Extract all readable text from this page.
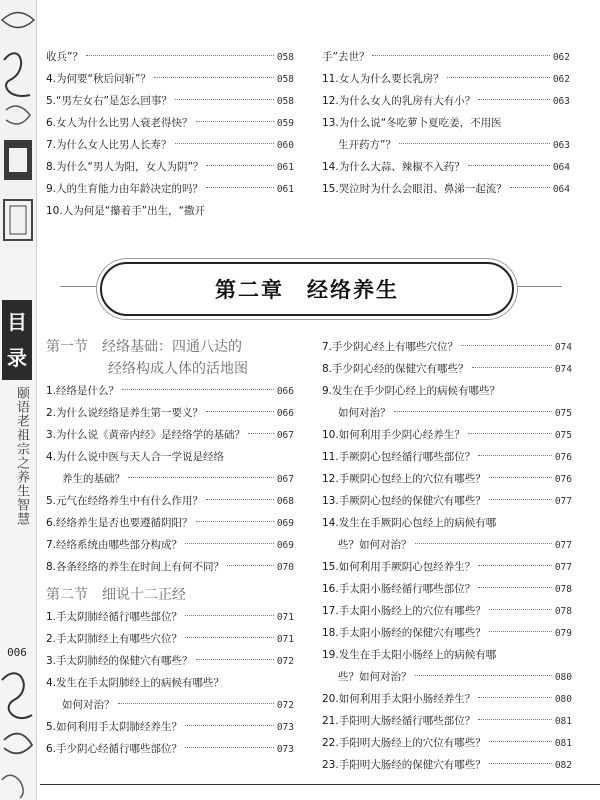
目
录
颐语老祖宗之养生智慧
006
收兵”？	058
4.为何要“秋后问斩”？	058
5.“男左女右”是怎么回事？	058
6.女人为什么比男人衰老得快？	059
7.为什么女人比男人长寿？	060
8.为什么“男人为阳，女人为阴”？	061
9.人的生育能力由年龄决定的吗？	061
10.人为何是“攥着手”出生，“撒开
手”去世？	062
11.女人为什么要长乳房？	062
12.为什么女人的乳房有大有小？	063
13.为什么说“冬吃萝卜夏吃姜，不用医
生开药方”？	063
14.为什么大蒜、辣椒不入药？	064
15.哭泣时为什么会眼泪、鼻涕一起流？	064
第二章　经络养生
第一节　经络基础：四通八达的
经络构成人体的活地图
1.经络是什么？	066
2.为什么说经络是养生第一要义？	066
3.为什么说《黄帝内经》是经络学的基础？	067
4.为什么说中医与天人合一学说是经络
养生的基础？	067
5.元气在经络养生中有什么作用？	068
6.经络养生是否也要遵循阴阳？	069
7.经络系统由哪些部分构成？	069
8.各条经络的养生在时间上有何不同？	070
第二节　细说十二正经
1.手太阴肺经循行哪些部位？	071
2.手太阴肺经上有哪些穴位？	071
3.手太阴肺经的保健穴有哪些？	072
4.发生在手太阴肺经上的病候有哪些？
如何对治？	072
5.如何利用手太阴肺经养生？	073
6.手少阴心经循行哪些部位？	073
7.手少阴心经上有哪些穴位？	074
8.手少阴心经的保健穴有哪些？	074
9.发生在手少阴心经上的病候有哪些？
如何对治？	075
10.如何利用手少阴心经养生？	075
11.手厥阴心包经循行哪些部位？	076
12.手厥阴心包经上的穴位有哪些？	076
13.手厥阴心包经的保健穴有哪些？	077
14.发生在手厥阴心包经上的病候有哪
些？如何对治？	077
15.如何利用手厥阴心包经养生？	077
16.手太阳小肠经循行哪些部位？	078
17.手太阳小肠经上的穴位有哪些？	078
18.手太阳小肠经的保健穴有哪些？	079
19.发生在手太阳小肠经上的病候有哪
些？如何对治？	080
20.如何利用手太阳小肠经养生？	080
21.手阳明大肠经循行哪些部位？	081
22.手阳明大肠经上的穴位有哪些？	081
23.手阳明大肠经的保健穴有哪些？	082
